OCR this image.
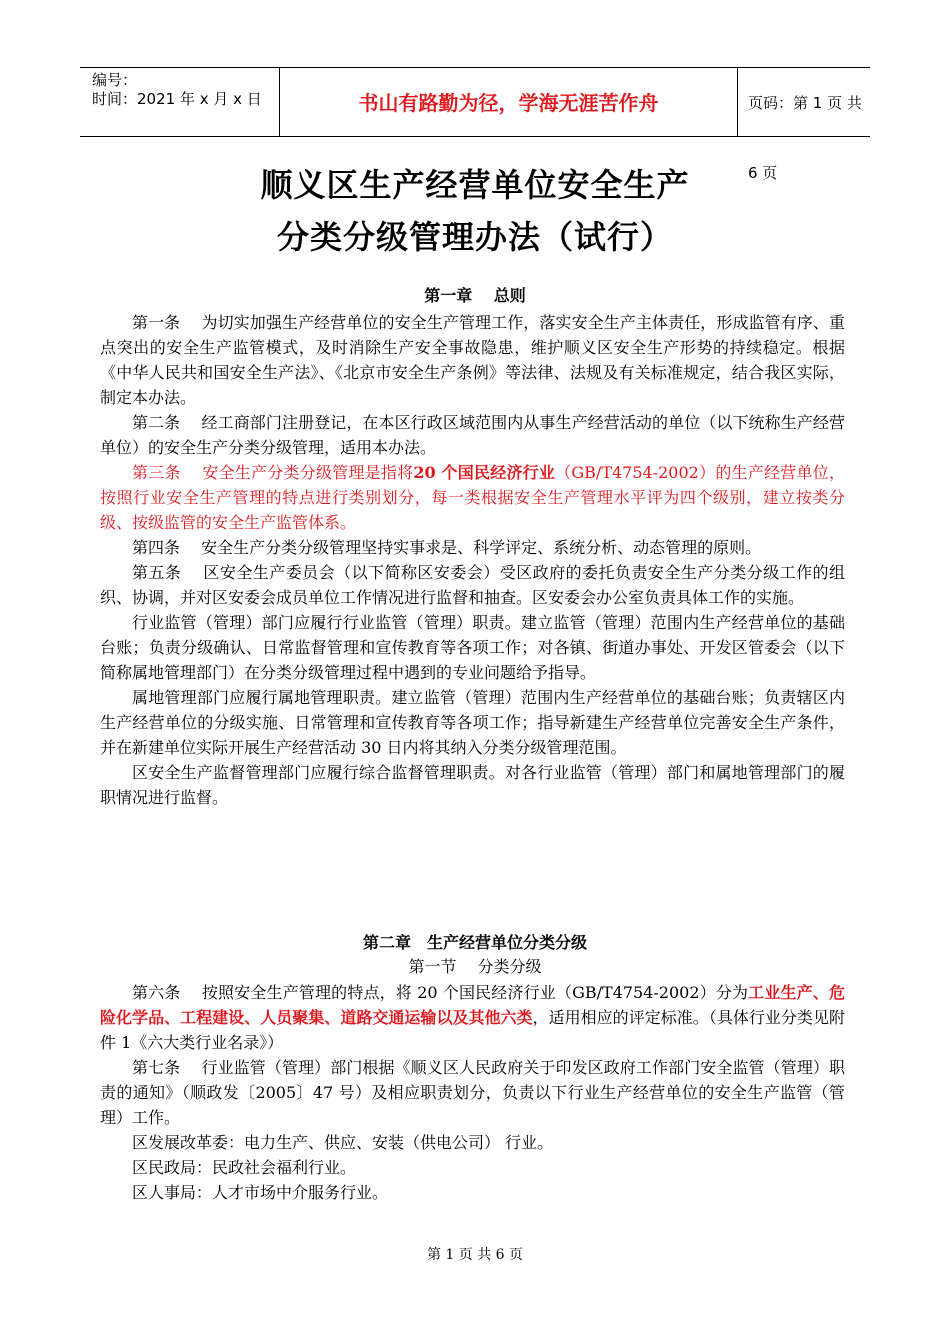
编号：
时间：2021 年 x 月 x 日	书山有路勤为径，学海无涯苦作舟	页码：第 1 页 共 6 页
顺义区生产经营单位安全生产
分类分级管理办法（试行）
第一章　 总则

第一条　 为切实加强生产经营单位的安全生产管理工作，落实安全生产主体责任，形成监管有序、重点突出的安全生产监管模式，及时消除生产安全事故隐患，维护顺义区安全生产形势的持续稳定。根据《中华人民共和国安全生产法》、《北京市安全生产条例》等法律、法规及有关标准规定，结合我区实际，制定本办法。

第二条　 经工商部门注册登记，在本区行政区域范围内从事生产经营活动的单位（以下统称生产经营单位）的安全生产分类分级管理，适用本办法。

第三条　 安全生产分类分级管理是指将20 个国民经济行业（GB/T4754-2002）的生产经营单位，按照行业安全生产管理的特点进行类别划分，每一类根据安全生产管理水平评为四个级别，建立按类分级、按级监管的安全生产监管体系。

第四条　 安全生产分类分级管理坚持实事求是、科学评定、系统分析、动态管理的原则。

第五条　 区安全生产委员会（以下简称区安委会）受区政府的委托负责安全生产分类分级工作的组织、协调，并对区安委会成员单位工作情况进行监督和抽查。区安委会办公室负责具体工作的实施。

行业监管（管理）部门应履行行业监管（管理）职责。建立监管（管理）范围内生产经营单位的基础台账；负责分级确认、日常监督管理和宣传教育等各项工作；对各镇、街道办事处、开发区管委会（以下简称属地管理部门）在分类分级管理过程中遇到的专业问题给予指导。

属地管理部门应履行属地管理职责。建立监管（管理）范围内生产经营单位的基础台账；负责辖区内生产经营单位的分级实施、日常管理和宣传教育等各项工作；指导新建生产经营单位完善安全生产条件，并在新建单位实际开展生产经营活动 30 日内将其纳入分类分级管理范围。

区安全生产监督管理部门应履行综合监督管理职责。对各行业监管（管理）部门和属地管理部门的履职情况进行监督。

第二章　生产经营单位分类分级
第一节　 分类分级

第六条　 按照安全生产管理的特点，将 20 个国民经济行业（GB/T4754-2002）分为工业生产、危险化学品、工程建设、人员聚集、道路交通运输以及其他六类，适用相应的评定标准。（具体行业分类见附件 1《六大类行业名录》）

第七条　 行业监管（管理）部门根据《顺义区人民政府关于印发区政府工作部门安全监管（管理）职责的通知》（顺政发〔2005〕47 号）及相应职责划分，负责以下行业生产经营单位的安全生产监管（管理）工作。

区发展改革委：电力生产、供应、安装（供电公司） 行业。

区民政局：民政社会福利行业。

区人事局：人才市场中介服务行业。

第 1 页 共 6 页
